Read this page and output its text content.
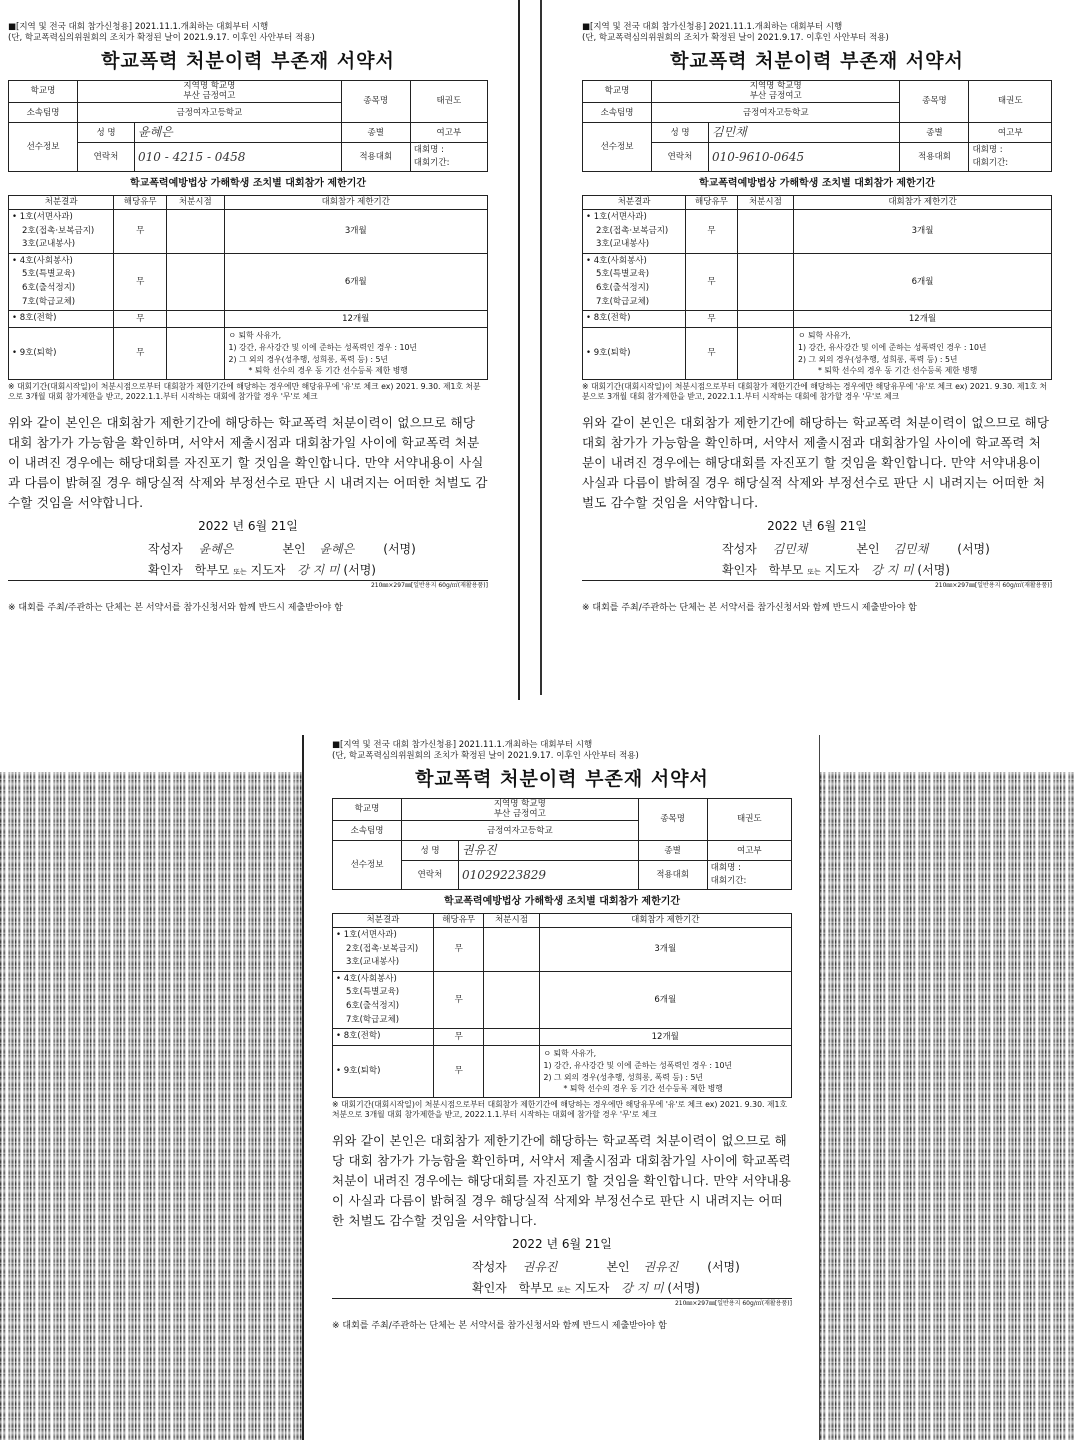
■[지역 및 전국 대회 참가신청용] 2021.11.1.개최하는 대회부터 시행
(단, 학교폭력심의위원회의 조치가 확정된 날이 2021.9.17. 이후인 사안부터 적용)
학교폭력 처분이력 부존재 서약서
학교명	지역명 학교명
부산 금정여고		종목명	태권도
소속팀명	금정여자고등학교			
선수정보	성 명	윤혜은	종별	여고부
	연락처	010 - 4215 - 0458	적용대회	대회명 :
대회기간:
학교폭력예방법상 가해학생 조치별 대회참가 제한기간
처분결과	해당유무	처분시점	대회참가 제한기간

• 1호(서면사과)
2호(접촉·보복금지)
3호(교내봉사)	무		3개월

• 4호(사회봉사)
5호(특별교육)
6호(출석정지)
7호(학급교체)	무		6개월

• 8호(전학)	무		12개월

• 9호(퇴학)	무		ㅇ 퇴학 사유가,
1) 강간, 유사강간 및 이에 준하는 성폭력인 경우 : 10년
2) 그 외의 경우(성추행, 성희롱, 폭력 등) : 5년
* 퇴학 선수의 경우 동 기간 선수등록 제한 병행
※ 대회기간(대회시작일)이 처분시점으로부터 대회참가 제한기간에 해당하는 경우에만 해당유무에 '유'로 체크 ex) 2021. 9.30. 제1호 처분으로 3개월 대회 참가제한을 받고, 2022.1.1.부터 시작하는 대회에 참가할 경우 '무'로 체크
위와 같이 본인은 대회참가 제한기간에 해당하는 학교폭력 처분이력이 없으므로 해당 대회 참가가 가능함을 확인하며, 서약서 제출시점과 대회참가일 사이에 학교폭력 처분이 내려진 경우에는 해당대회를 자진포기 할 것임을 확인합니다. 만약 서약내용이 사실과 다름이 밝혀질 경우 해당실적 삭제와 부정선수로 판단 시 내려지는 어떠한 처벌도 감수할 것임을 서약합니다.
2022 년 6월 21일
작성자 윤혜은	본인 윤혜은 (서명)
확인자 학부모 또는 지도자 강 지 미 (서명)
210㎜×297㎜[일반용지 60g/㎡(재활용품)]
※ 대회를 주최/주관하는 단체는 본 서약서를 참가신청서와 함께 반드시 제출받아야 함
■[지역 및 전국 대회 참가신청용] 2021.11.1.개최하는 대회부터 시행
(단, 학교폭력심의위원회의 조치가 확정된 날이 2021.9.17. 이후인 사안부터 적용)
학교폭력 처분이력 부존재 서약서
학교명	지역명 학교명
부산 금정여고		종목명	태권도
소속팀명	금정여자고등학교			
선수정보	성 명	김민채	종별	여고부
	연락처	010-9610-0645	적용대회	대회명 :
대회기간:
학교폭력예방법상 가해학생 조치별 대회참가 제한기간
처분결과	해당유무	처분시점	대회참가 제한기간

• 1호(서면사과)
2호(접촉·보복금지)
3호(교내봉사)	무		3개월

• 4호(사회봉사)
5호(특별교육)
6호(출석정지)
7호(학급교체)	무		6개월

• 8호(전학)	무		12개월

• 9호(퇴학)	무		ㅇ 퇴학 사유가,
1) 강간, 유사강간 및 이에 준하는 성폭력인 경우 : 10년
2) 그 외의 경우(성추행, 성희롱, 폭력 등) : 5년
* 퇴학 선수의 경우 동 기간 선수등록 제한 병행
※ 대회기간(대회시작일)이 처분시점으로부터 대회참가 제한기간에 해당하는 경우에만 해당유무에 '유'로 체크 ex) 2021. 9.30. 제1호 처분으로 3개월 대회 참가제한을 받고, 2022.1.1.부터 시작하는 대회에 참가할 경우 '무'로 체크
위와 같이 본인은 대회참가 제한기간에 해당하는 학교폭력 처분이력이 없으므로 해당 대회 참가가 가능함을 확인하며, 서약서 제출시점과 대회참가일 사이에 학교폭력 처분이 내려진 경우에는 해당대회를 자진포기 할 것임을 확인합니다. 만약 서약내용이 사실과 다름이 밝혀질 경우 해당실적 삭제와 부정선수로 판단 시 내려지는 어떠한 처벌도 감수할 것임을 서약합니다.
2022 년 6월 21일
작성자 김민채	본인 김민채 (서명)
확인자 학부모 또는 지도자 강 지 미 (서명)
210㎜×297㎜[일반용지 60g/㎡(재활용품)]
※ 대회를 주최/주관하는 단체는 본 서약서를 참가신청서와 함께 반드시 제출받아야 함
■[지역 및 전국 대회 참가신청용] 2021.11.1.개최하는 대회부터 시행
(단, 학교폭력심의위원회의 조치가 확정된 날이 2021.9.17. 이후인 사안부터 적용)
학교폭력 처분이력 부존재 서약서
학교명	지역명 학교명
부산 금정여고		종목명	태권도
소속팀명	금정여자고등학교			
선수정보	성 명	권유진	종별	여고부
	연락처	01029223829	적용대회	대회명 :
대회기간:
학교폭력예방법상 가해학생 조치별 대회참가 제한기간
처분결과	해당유무	처분시점	대회참가 제한기간

• 1호(서면사과)
2호(접촉·보복금지)
3호(교내봉사)	무		3개월

• 4호(사회봉사)
5호(특별교육)
6호(출석정지)
7호(학급교체)	무		6개월

• 8호(전학)	무		12개월

• 9호(퇴학)	무		ㅇ 퇴학 사유가,
1) 강간, 유사강간 및 이에 준하는 성폭력인 경우 : 10년
2) 그 외의 경우(성추행, 성희롱, 폭력 등) : 5년
* 퇴학 선수의 경우 동 기간 선수등록 제한 병행
※ 대회기간(대회시작일)이 처분시점으로부터 대회참가 제한기간에 해당하는 경우에만 해당유무에 '유'로 체크 ex) 2021. 9.30. 제1호 처분으로 3개월 대회 참가제한을 받고, 2022.1.1.부터 시작하는 대회에 참가할 경우 '무'로 체크
위와 같이 본인은 대회참가 제한기간에 해당하는 학교폭력 처분이력이 없으므로 해당 대회 참가가 가능함을 확인하며, 서약서 제출시점과 대회참가일 사이에 학교폭력 처분이 내려진 경우에는 해당대회를 자진포기 할 것임을 확인합니다. 만약 서약내용이 사실과 다름이 밝혀질 경우 해당실적 삭제와 부정선수로 판단 시 내려지는 어떠한 처벌도 감수할 것임을 서약합니다.
2022 년 6월 21일
작성자 권유진	본인 권유진 (서명)
확인자 학부모 또는 지도자 강 지 미 (서명)
210㎜×297㎜[일반용지 60g/㎡(재활용품)]
※ 대회를 주최/주관하는 단체는 본 서약서를 참가신청서와 함께 반드시 제출받아야 함
